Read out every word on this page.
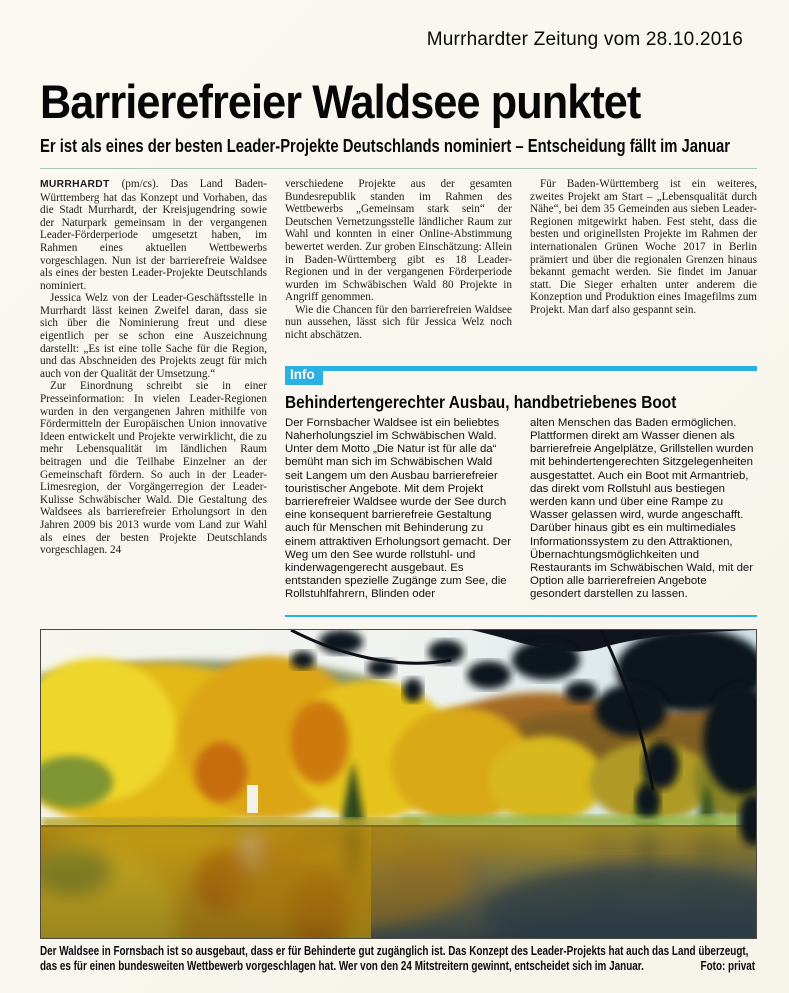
Murrhardter Zeitung vom 28.10.2016
Barrierefreier Waldsee punktet
Er ist als eines der besten Leader-Projekte Deutschlands nominiert – Entscheidung fällt im Januar

MURRHARDT (pm/cs). Das Land Baden-Württemberg hat das Konzept und Vorhaben, das die Stadt Murrhardt, der Kreisjugendring sowie der Naturpark gemeinsam in der vergangenen Leader-Förderperiode umgesetzt haben, im Rahmen eines aktuellen Wettbewerbs vorgeschlagen. Nun ist der barrierefreie Waldsee als eines der besten Leader-Projekte Deutschlands nominiert.

Jessica Welz von der Leader-Geschäftsstelle in Murrhardt lässt keinen Zweifel daran, dass sie sich über die Nominierung freut und diese eigentlich per se schon eine Auszeichnung darstellt: „Es ist eine tolle Sache für die Region, und das Abschneiden des Projekts zeugt für mich auch von der Qualität der Umsetzung.“

Zur Einordnung schreibt sie in einer Presseinformation: In vielen Leader-Regionen wurden in den vergangenen Jahren mithilfe von Fördermitteln der Europäischen Union innovative Ideen entwickelt und Projekte verwirklicht, die zu mehr Lebensqualität im ländlichen Raum beitragen und die Teilhabe Einzelner an der Gemeinschaft fördern. So auch in der Leader-Limesregion, der Vorgängerregion der Leader-Kulisse Schwäbischer Wald. Die Gestaltung des Waldsees als barrierefreier Erholungsort in den Jahren 2009 bis 2013 wurde vom Land zur Wahl als eines der besten Projekte Deutschlands vorgeschlagen. 24

verschiedene Projekte aus der gesamten Bundesrepublik standen im Rahmen des Wettbewerbs „Gemeinsam stark sein“ der Deutschen Vernetzungsstelle ländlicher Raum zur Wahl und konnten in einer Online-Abstimmung bewertet werden. Zur groben Einschätzung: Allein in Baden-Württemberg gibt es 18 Leader-Regionen und in der vergangenen Förderperiode wurden im Schwäbischen Wald 80 Projekte in Angriff genommen.

Wie die Chancen für den barrierefreien Waldsee nun aussehen, lässt sich für Jessica Welz noch nicht abschätzen.

Für Baden-Württemberg ist ein weiteres, zweites Projekt am Start – „Lebensqualität durch Nähe“, bei dem 35 Gemeinden aus sieben Leader-Regionen mitgewirkt haben. Fest steht, dass die besten und originellsten Projekte im Rahmen der internationalen Grünen Woche 2017 in Berlin prämiert und über die regionalen Grenzen hinaus bekannt gemacht werden. Sie findet im Januar statt. Die Sieger erhalten unter anderem die Konzeption und Produktion eines Imagefilms zum Projekt. Man darf also gespannt sein.

Info
Behindertengerechter Ausbau, handbetriebenes Boot

Der Fornsbacher Waldsee ist ein beliebtes Naherholungsziel im Schwäbischen Wald. Unter dem Motto „Die Natur ist für alle da“ bemüht man sich im Schwäbischen Wald seit Langem um den Ausbau barrierefreier touristischer Angebote. Mit dem Projekt barrierefreier Waldsee wurde der See durch eine konsequent barrierefreie Gestaltung auch für Menschen mit Behinderung zu einem attraktiven Erholungsort gemacht. Der Weg um den See wurde rollstuhl- und kinderwagengerecht ausgebaut. Es entstanden spezielle Zugänge zum See, die Rollstuhlfahrern, Blinden oder

alten Menschen das Baden ermöglichen. Plattformen direkt am Wasser dienen als barrierefreie Angelplätze, Grillstellen wurden mit behindertengerechten Sitzgelegenheiten ausgestattet. Auch ein Boot mit Armantrieb, das direkt vom Rollstuhl aus bestiegen werden kann und über eine Rampe zu Wasser gelassen wird, wurde angeschafft. Darüber hinaus gibt es ein multimediales Informationssystem zu den Attraktionen, Übernachtungsmöglichkeiten und Restaurants im Schwäbischen Wald, mit der Option alle barrierefreien Angebote gesondert darstellen zu lassen.

Der Waldsee in Fornsbach ist so ausgebaut, dass er für Behinderte gut zugänglich ist. Das Konzept des Leader-Projekts hat auch das Land überzeugt, das es für einen bundesweiten Wettbewerb vorgeschlagen hat. Wer von den 24 Mitstreitern gewinnt, entscheidet sich im Januar.	Foto: privat
